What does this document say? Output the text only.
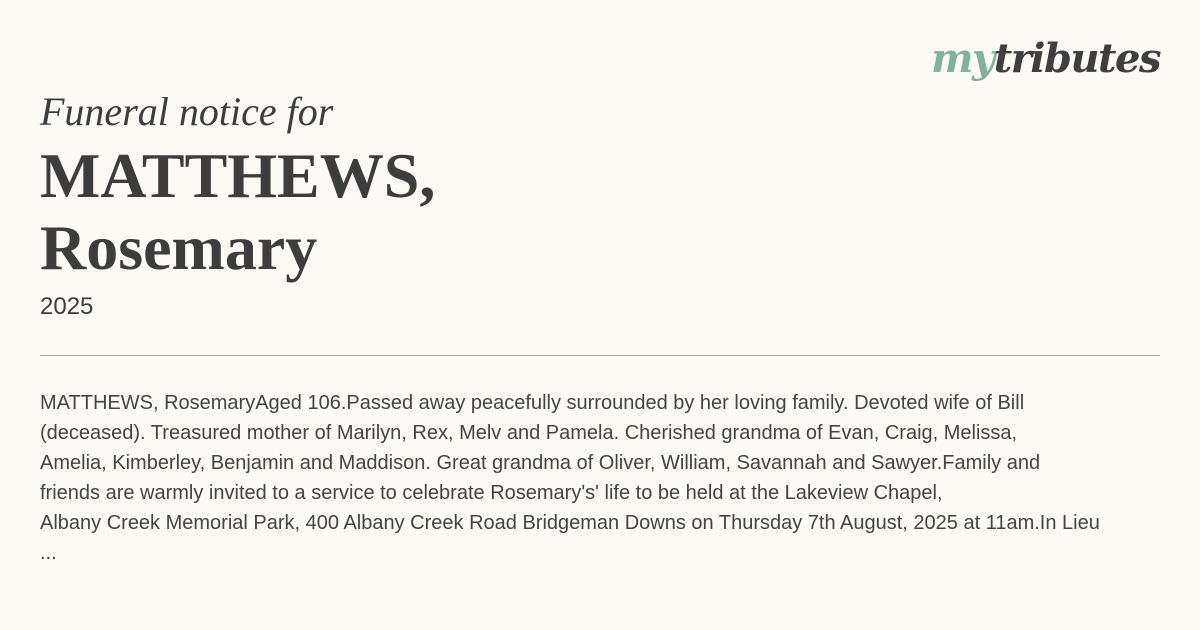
mytributes
Funeral notice for
MATTHEWS,
Rosemary
2025
MATTHEWS, RosemaryAged 106.Passed away peacefully surrounded by her loving family. Devoted wife of Bill
(deceased). Treasured mother of Marilyn, Rex, Melv and Pamela. Cherished grandma of Evan, Craig, Melissa,
Amelia, Kimberley, Benjamin and Maddison. Great grandma of Oliver, William, Savannah and Sawyer.Family and
friends are warmly invited to a service to celebrate Rosemary's' life to be held at the Lakeview Chapel,
Albany Creek Memorial Park, 400 Albany Creek Road Bridgeman Downs on Thursday 7th August, 2025 at 11am.In Lieu
...
